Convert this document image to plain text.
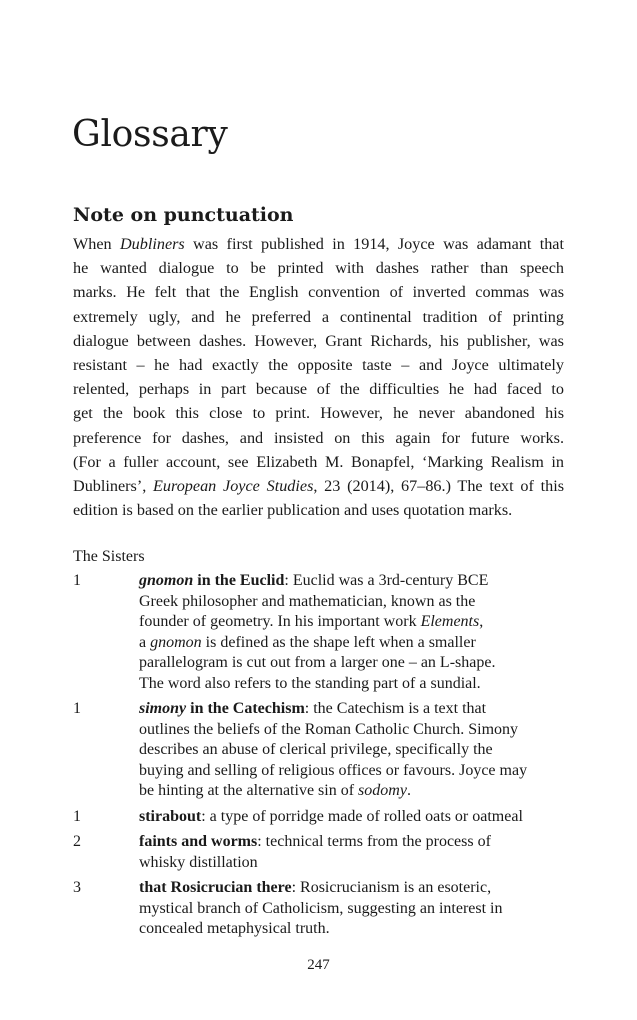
Glossary
Note on punctuation

When Dubliners was first published in 1914, Joyce was adamant that
he wanted dialogue to be printed with dashes rather than speech
marks. He felt that the English convention of inverted commas was
extremely ugly, and he preferred a continental tradition of printing
dialogue between dashes. However, Grant Richards, his publisher, was
resistant – he had exactly the opposite taste – and Joyce ultimately
relented, perhaps in part because of the difficulties he had faced to
get the book this close to print. However, he never abandoned his
preference for dashes, and insisted on this again for future works.
(For a fuller account, see Elizabeth M. Bonapfel, ‘Marking Realism in
Dubliners’, European Joyce Studies, 23 (2014), 67–86.) The text of this
edition is based on the earlier publication and uses quotation marks.

The Sisters
1	gnomon in the Euclid: Euclid was a 3rd-century BCE
Greek philosopher and mathematician, known as the
founder of geometry. In his important work Elements,
a gnomon is defined as the shape left when a smaller
parallelogram is cut out from a larger one – an L-shape.
The word also refers to the standing part of a sundial.
1	simony in the Catechism: the Catechism is a text that
outlines the beliefs of the Roman Catholic Church. Simony
describes an abuse of clerical privilege, specifically the
buying and selling of religious offices or favours. Joyce may
be hinting at the alternative sin of sodomy.
1	stirabout: a type of porridge made of rolled oats or oatmeal
2	faints and worms: technical terms from the process of
whisky distillation
3	that Rosicrucian there: Rosicrucianism is an esoteric,
mystical branch of Catholicism, suggesting an interest in
concealed metaphysical truth.
247
